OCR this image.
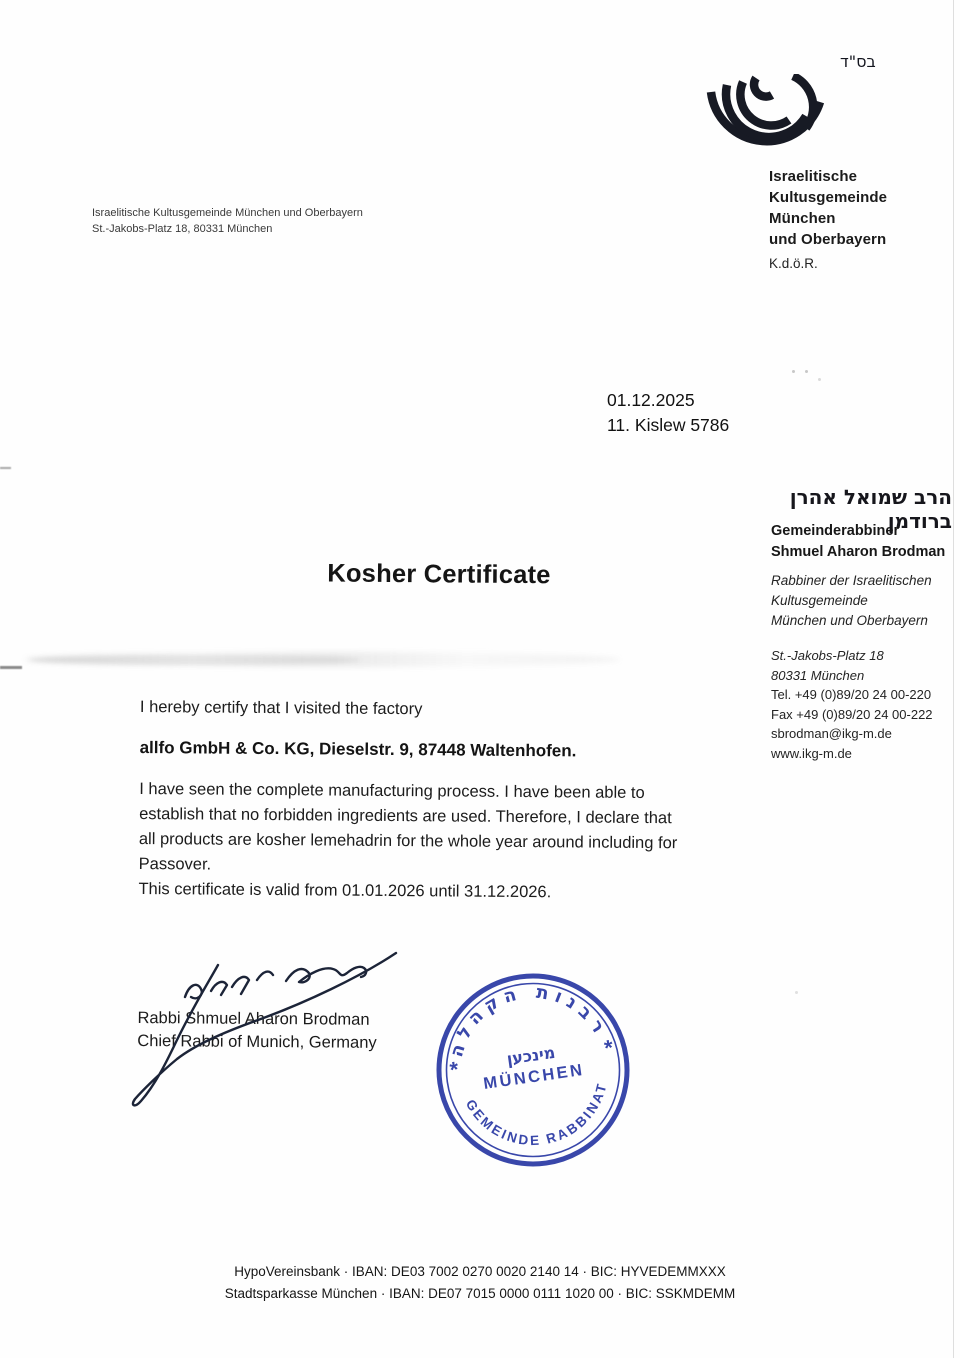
בס"ד
Israelitische
Kultusgemeinde
München
und Oberbayern
K.d.ö.R.
Israelitische Kultusgemeinde München und Oberbayern
St.-Jakobs-Platz 18, 80331 München
01.12.2025
11. Kislew 5786
הרב שמואל אהרן ברודמן
Gemeinderabbiner
Shmuel Aharon Brodman
Rabbiner der Israelitischen
Kultusgemeinde
München und Oberbayern
St.-Jakobs-Platz 18
80331 München
Tel. +49 (0)89/20 24 00-220
Fax +49 (0)89/20 24 00-222
sbrodman@ikg-m.de
www.ikg-m.de
Kosher Certificate
I hereby certify that I visited the factory
allfo GmbH & Co. KG, Dieselstr. 9, 87448 Waltenhofen.
I have seen the complete manufacturing process. I have been able to
establish that no forbidden ingredients are used. Therefore, I declare that
all products are kosher lemehadrin for the whole year around including for
Passover.
This certificate is valid from 01.01.2026 until 31.12.2026.
Rabbi Shmuel Aharon Brodman
Chief Rabbi of Munich, Germany	רבנות הקהלה
GEMEINDE RABBINAT
*
*
מינכען
MÜNCHEN
HypoVereinsbank · IBAN: DE03 7002 0270 0020 2140 14 · BIC: HYVEDEMMXXX
Stadtsparkasse München · IBAN: DE07 7015 0000 0111 1020 00 · BIC: SSKMDEMM
